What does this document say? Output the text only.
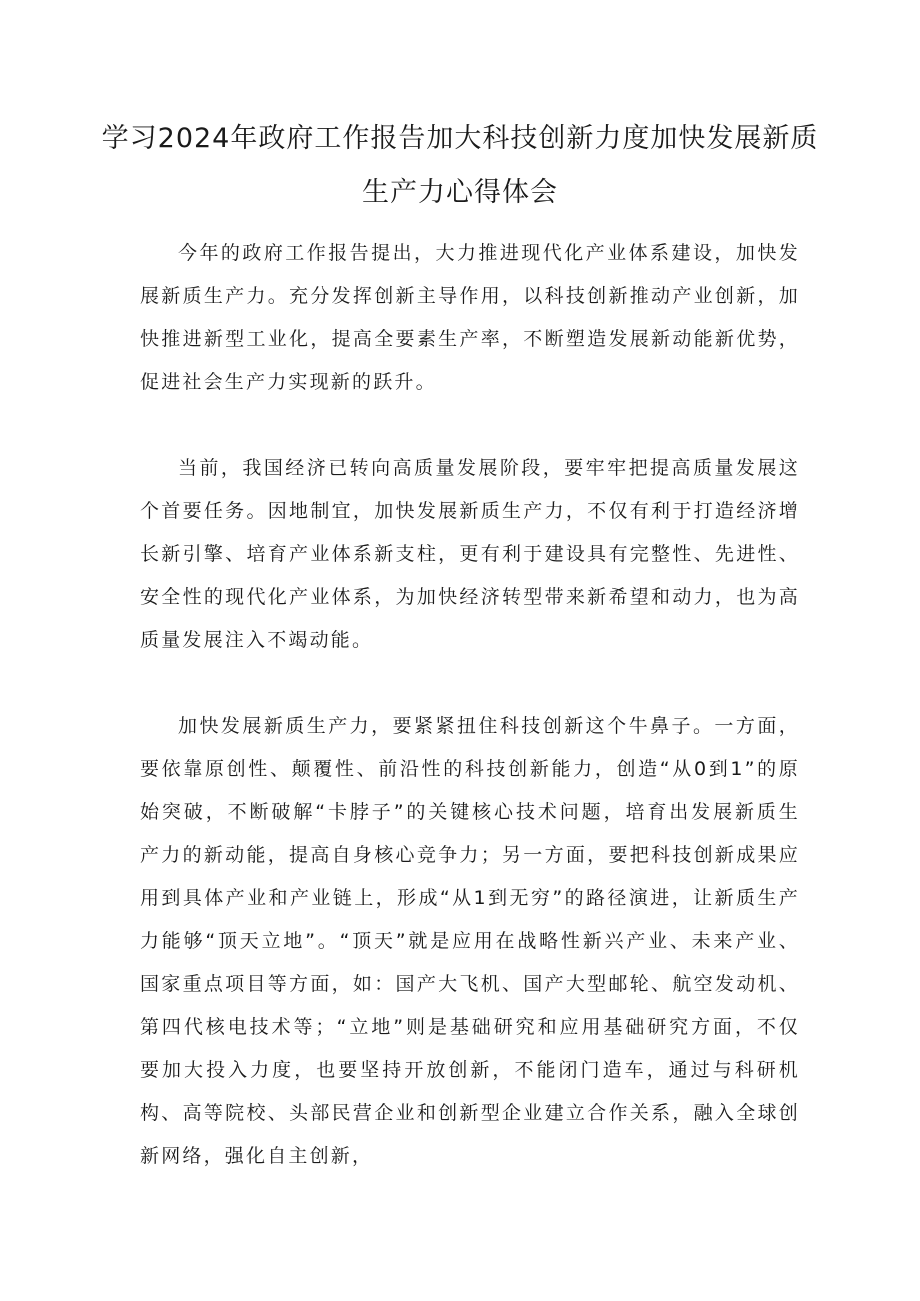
学习2024年政府工作报告加大科技创新力度加快发展新质生产力心得体会

今年的政府工作报告提出，大力推进现代化产业体系建设，加快发展新质生产力。充分发挥创新主导作用，以科技创新推动产业创新，加快推进新型工业化，提高全要素生产率，不断塑造发展新动能新优势，促进社会生产力实现新的跃升。

当前，我国经济已转向高质量发展阶段，要牢牢把提高质量发展这个首要任务。因地制宜，加快发展新质生产力，不仅有利于打造经济增长新引擎、培育产业体系新支柱，更有利于建设具有完整性、先进性、安全性的现代化产业体系，为加快经济转型带来新希望和动力，也为高质量发展注入不竭动能。

加快发展新质生产力，要紧紧扭住科技创新这个牛鼻子。一方面，要依靠原创性、颠覆性、前沿性的科技创新能力，创造“从0到1”的原始突破，不断破解“卡脖子”的关键核心技术问题，培育出发展新质生产力的新动能，提高自身核心竞争力；另一方面，要把科技创新成果应用到具体产业和产业链上，形成“从1到无穷”的路径演进，让新质生产力能够“顶天立地”。“顶天”就是应用在战略性新兴产业、未来产业、国家重点项目等方面，如：国产大飞机、国产大型邮轮、航空发动机、第四代核电技术等；“立地”则是基础研究和应用基础研究方面，不仅要加大投入力度，也要坚持开放创新，不能闭门造车，通过与科研机构、高等院校、头部民营企业和创新型企业建立合作关系，融入全球创新网络，强化自主创新，
